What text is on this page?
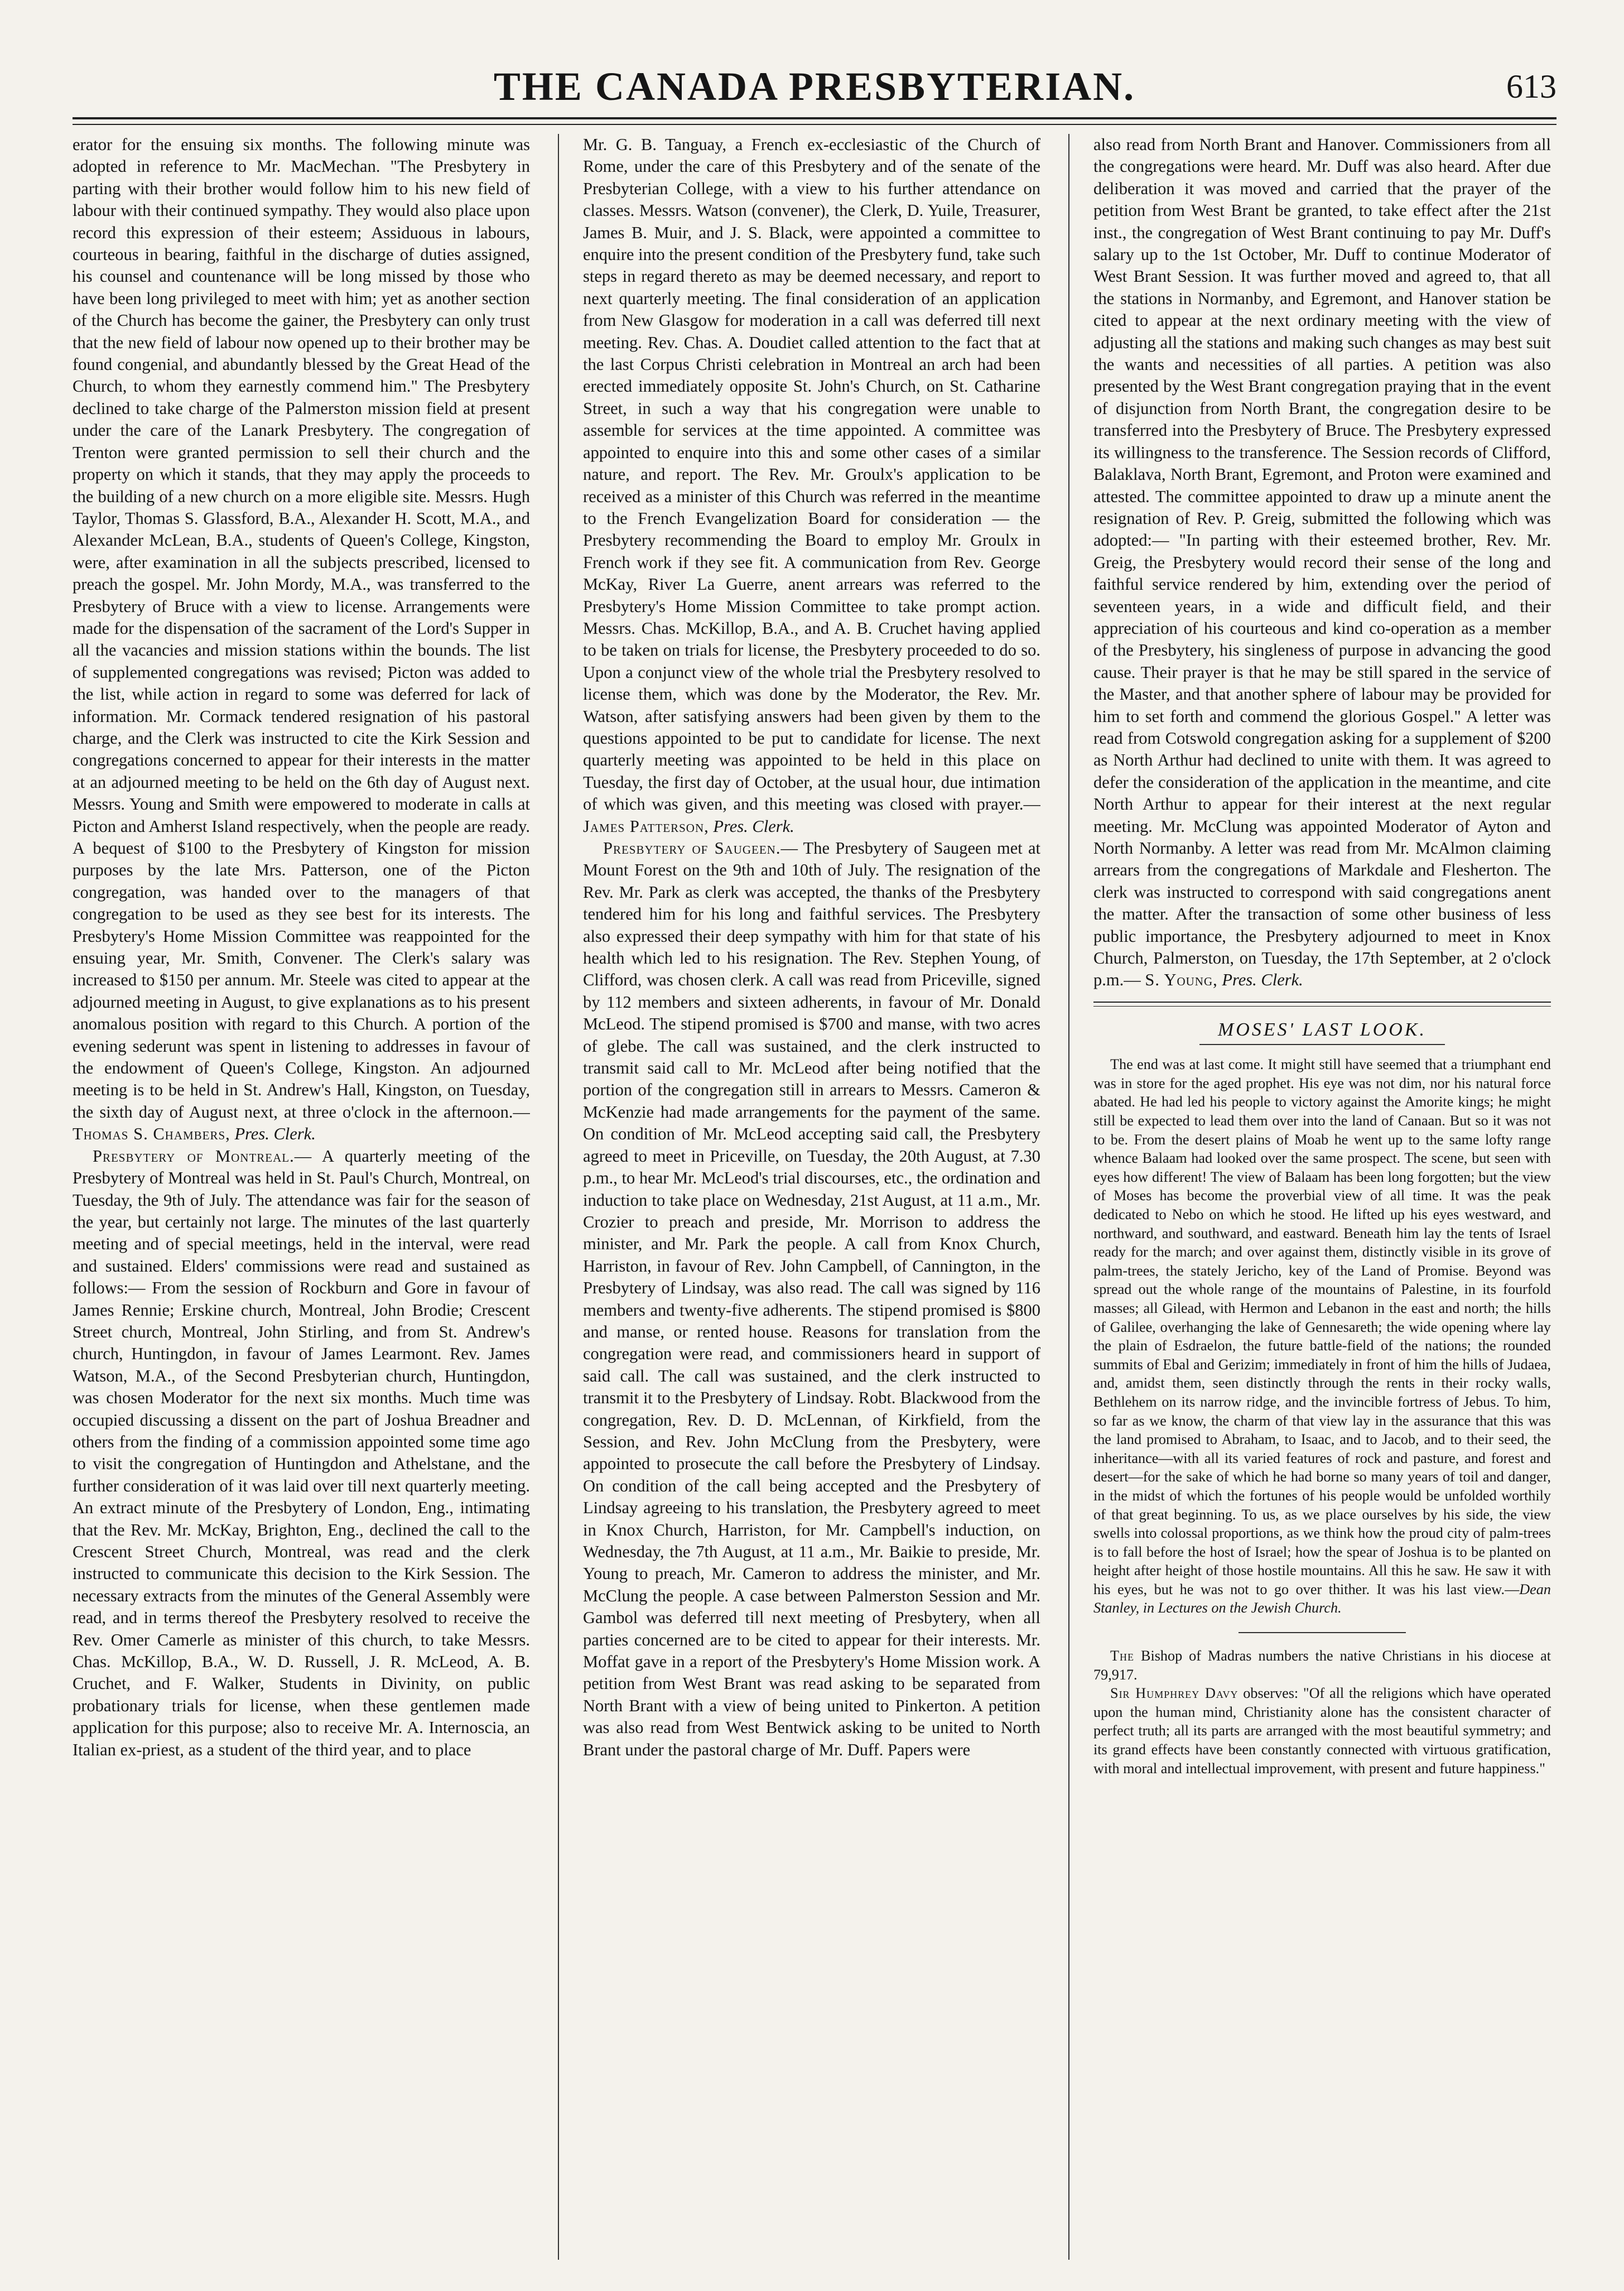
THE CANADA PRESBYTERIAN.	613

erator for the ensuing six months. The following minute was adopted in reference to Mr. MacMechan. "The Presbytery in parting with their brother would follow him to his new field of labour with their continued sympathy. They would also place upon record this expression of their esteem; Assiduous in labours, courteous in bearing, faithful in the discharge of duties assigned, his counsel and countenance will be long missed by those who have been long privileged to meet with him; yet as another section of the Church has become the gainer, the Presbytery can only trust that the new field of labour now opened up to their brother may be found congenial, and abundantly blessed by the Great Head of the Church, to whom they earnestly commend him." The Presbytery declined to take charge of the Palmerston mission field at present under the care of the Lanark Presbytery. The congregation of Trenton were granted permission to sell their church and the property on which it stands, that they may apply the proceeds to the building of a new church on a more eligible site. Messrs. Hugh Taylor, Thomas S. Glassford, B.A., Alexander H. Scott, M.A., and Alexander McLean, B.A., students of Queen's College, Kingston, were, after examination in all the subjects prescribed, licensed to preach the gospel. Mr. John Mordy, M.A., was transferred to the Presbytery of Bruce with a view to license. Arrangements were made for the dispensation of the sacrament of the Lord's Supper in all the vacancies and mission stations within the bounds. The list of supplemented congregations was revised; Picton was added to the list, while action in regard to some was deferred for lack of information. Mr. Cormack tendered resignation of his pastoral charge, and the Clerk was instructed to cite the Kirk Session and congregations concerned to appear for their interests in the matter at an adjourned meeting to be held on the 6th day of August next. Messrs. Young and Smith were empowered to moderate in calls at Picton and Amherst Island respectively, when the people are ready. A bequest of $100 to the Presbytery of Kingston for mission purposes by the late Mrs. Patterson, one of the Picton congregation, was handed over to the managers of that congregation to be used as they see best for its interests. The Presbytery's Home Mission Committee was reappointed for the ensuing year, Mr. Smith, Convener. The Clerk's salary was increased to $150 per annum. Mr. Steele was cited to appear at the adjourned meeting in August, to give explanations as to his present anomalous position with regard to this Church. A portion of the evening sederunt was spent in listening to addresses in favour of the endowment of Queen's College, Kingston. An adjourned meeting is to be held in St. Andrew's Hall, Kingston, on Tuesday, the sixth day of August next, at three o'clock in the afternoon.— Thomas S. Chambers, Pres. Clerk.

Presbytery of Montreal.— A quarterly meeting of the Presbytery of Montreal was held in St. Paul's Church, Montreal, on Tuesday, the 9th of July. The attendance was fair for the season of the year, but certainly not large. The minutes of the last quarterly meeting and of special meetings, held in the interval, were read and sustained. Elders' commissions were read and sustained as follows:— From the session of Rockburn and Gore in favour of James Rennie; Erskine church, Montreal, John Brodie; Crescent Street church, Montreal, John Stirling, and from St. Andrew's church, Huntingdon, in favour of James Learmont. Rev. James Watson, M.A., of the Second Presbyterian church, Huntingdon, was chosen Moderator for the next six months. Much time was occupied discussing a dissent on the part of Joshua Breadner and others from the finding of a commission appointed some time ago to visit the congregation of Huntingdon and Athelstane, and the further consideration of it was laid over till next quarterly meeting. An extract minute of the Presbytery of London, Eng., intimating that the Rev. Mr. McKay, Brighton, Eng., declined the call to the Crescent Street Church, Montreal, was read and the clerk instructed to communicate this decision to the Kirk Session. The necessary extracts from the minutes of the General Assembly were read, and in terms thereof the Presbytery resolved to receive the Rev. Omer Camerle as minister of this church, to take Messrs. Chas. McKillop, B.A., W. D. Russell, J. R. McLeod, A. B. Cruchet, and F. Walker, Students in Divinity, on public probationary trials for license, when these gentlemen made application for this purpose; also to receive Mr. A. Internoscia, an Italian ex-priest, as a student of the third year, and to place

Mr. G. B. Tanguay, a French ex-ecclesiastic of the Church of Rome, under the care of this Presbytery and of the senate of the Presbyterian College, with a view to his further attendance on classes. Messrs. Watson (convener), the Clerk, D. Yuile, Treasurer, James B. Muir, and J. S. Black, were appointed a committee to enquire into the present condition of the Presbytery fund, take such steps in regard thereto as may be deemed necessary, and report to next quarterly meeting. The final consideration of an application from New Glasgow for moderation in a call was deferred till next meeting. Rev. Chas. A. Doudiet called attention to the fact that at the last Corpus Christi celebration in Montreal an arch had been erected immediately opposite St. John's Church, on St. Catharine Street, in such a way that his congregation were unable to assemble for services at the time appointed. A committee was appointed to enquire into this and some other cases of a similar nature, and report. The Rev. Mr. Groulx's application to be received as a minister of this Church was referred in the meantime to the French Evangelization Board for consideration — the Presbytery recommending the Board to employ Mr. Groulx in French work if they see fit. A communication from Rev. George McKay, River La Guerre, anent arrears was referred to the Presbytery's Home Mission Committee to take prompt action. Messrs. Chas. McKillop, B.A., and A. B. Cruchet having applied to be taken on trials for license, the Presbytery proceeded to do so. Upon a conjunct view of the whole trial the Presbytery resolved to license them, which was done by the Moderator, the Rev. Mr. Watson, after satisfying answers had been given by them to the questions appointed to be put to candidate for license. The next quarterly meeting was appointed to be held in this place on Tuesday, the first day of October, at the usual hour, due intimation of which was given, and this meeting was closed with prayer.— James Patterson, Pres. Clerk.

Presbytery of Saugeen.— The Presbytery of Saugeen met at Mount Forest on the 9th and 10th of July. The resignation of the Rev. Mr. Park as clerk was accepted, the thanks of the Presbytery tendered him for his long and faithful services. The Presbytery also expressed their deep sympathy with him for that state of his health which led to his resignation. The Rev. Stephen Young, of Clifford, was chosen clerk. A call was read from Priceville, signed by 112 members and sixteen adherents, in favour of Mr. Donald McLeod. The stipend promised is $700 and manse, with two acres of glebe. The call was sustained, and the clerk instructed to transmit said call to Mr. McLeod after being notified that the portion of the congregation still in arrears to Messrs. Cameron & McKenzie had made arrangements for the payment of the same. On condition of Mr. McLeod accepting said call, the Presbytery agreed to meet in Priceville, on Tuesday, the 20th August, at 7.30 p.m., to hear Mr. McLeod's trial discourses, etc., the ordination and induction to take place on Wednesday, 21st August, at 11 a.m., Mr. Crozier to preach and preside, Mr. Morrison to address the minister, and Mr. Park the people. A call from Knox Church, Harriston, in favour of Rev. John Campbell, of Cannington, in the Presbytery of Lindsay, was also read. The call was signed by 116 members and twenty-five adherents. The stipend promised is $800 and manse, or rented house. Reasons for translation from the congregation were read, and commissioners heard in support of said call. The call was sustained, and the clerk instructed to transmit it to the Presbytery of Lindsay. Robt. Blackwood from the congregation, Rev. D. D. McLennan, of Kirkfield, from the Session, and Rev. John McClung from the Presbytery, were appointed to prosecute the call before the Presbytery of Lindsay. On condition of the call being accepted and the Presbytery of Lindsay agreeing to his translation, the Presbytery agreed to meet in Knox Church, Harriston, for Mr. Campbell's induction, on Wednesday, the 7th August, at 11 a.m., Mr. Baikie to preside, Mr. Young to preach, Mr. Cameron to address the minister, and Mr. McClung the people. A case between Palmerston Session and Mr. Gambol was deferred till next meeting of Presbytery, when all parties concerned are to be cited to appear for their interests. Mr. Moffat gave in a report of the Presbytery's Home Mission work. A petition from West Brant was read asking to be separated from North Brant with a view of being united to Pinkerton. A petition was also read from West Bentwick asking to be united to North Brant under the pastoral charge of Mr. Duff. Papers were

also read from North Brant and Hanover. Commissioners from all the congregations were heard. Mr. Duff was also heard. After due deliberation it was moved and carried that the prayer of the petition from West Brant be granted, to take effect after the 21st inst., the congregation of West Brant continuing to pay Mr. Duff's salary up to the 1st October, Mr. Duff to continue Moderator of West Brant Session. It was further moved and agreed to, that all the stations in Normanby, and Egremont, and Hanover station be cited to appear at the next ordinary meeting with the view of adjusting all the stations and making such changes as may best suit the wants and necessities of all parties. A petition was also presented by the West Brant congregation praying that in the event of disjunction from North Brant, the congregation desire to be transferred into the Presbytery of Bruce. The Presbytery expressed its willingness to the transference. The Session records of Clifford, Balaklava, North Brant, Egremont, and Proton were examined and attested. The committee appointed to draw up a minute anent the resignation of Rev. P. Greig, submitted the following which was adopted:— "In parting with their esteemed brother, Rev. Mr. Greig, the Presbytery would record their sense of the long and faithful service rendered by him, extending over the period of seventeen years, in a wide and difficult field, and their appreciation of his courteous and kind co-operation as a member of the Presbytery, his singleness of purpose in advancing the good cause. Their prayer is that he may be still spared in the service of the Master, and that another sphere of labour may be provided for him to set forth and commend the glorious Gospel." A letter was read from Cotswold congregation asking for a supplement of $200 as North Arthur had declined to unite with them. It was agreed to defer the consideration of the application in the meantime, and cite North Arthur to appear for their interest at the next regular meeting. Mr. McClung was appointed Moderator of Ayton and North Normanby. A letter was read from Mr. McAlmon claiming arrears from the congregations of Markdale and Flesherton. The clerk was instructed to correspond with said congregations anent the matter. After the transaction of some other business of less public importance, the Presbytery adjourned to meet in Knox Church, Palmerston, on Tuesday, the 17th September, at 2 o'clock p.m.— S. Young, Pres. Clerk.

MOSES' LAST LOOK.

The end was at last come. It might still have seemed that a triumphant end was in store for the aged prophet. His eye was not dim, nor his natural force abated. He had led his people to victory against the Amorite kings; he might still be expected to lead them over into the land of Canaan. But so it was not to be. From the desert plains of Moab he went up to the same lofty range whence Balaam had looked over the same prospect. The scene, but seen with eyes how different! The view of Balaam has been long forgotten; but the view of Moses has become the proverbial view of all time. It was the peak dedicated to Nebo on which he stood. He lifted up his eyes westward, and northward, and southward, and eastward. Beneath him lay the tents of Israel ready for the march; and over against them, distinctly visible in its grove of palm-trees, the stately Jericho, key of the Land of Promise. Beyond was spread out the whole range of the mountains of Palestine, in its fourfold masses; all Gilead, with Hermon and Lebanon in the east and north; the hills of Galilee, overhanging the lake of Gennesareth; the wide opening where lay the plain of Esdraelon, the future battle-field of the nations; the rounded summits of Ebal and Gerizim; immediately in front of him the hills of Judaea, and, amidst them, seen distinctly through the rents in their rocky walls, Bethlehem on its narrow ridge, and the invincible fortress of Jebus. To him, so far as we know, the charm of that view lay in the assurance that this was the land promised to Abraham, to Isaac, and to Jacob, and to their seed, the inheritance—with all its varied features of rock and pasture, and forest and desert—for the sake of which he had borne so many years of toil and danger, in the midst of which the fortunes of his people would be unfolded worthily of that great beginning. To us, as we place ourselves by his side, the view swells into colossal proportions, as we think how the proud city of palm-trees is to fall before the host of Israel; how the spear of Joshua is to be planted on height after height of those hostile mountains. All this he saw. He saw it with his eyes, but he was not to go over thither. It was his last view.—Dean Stanley, in Lectures on the Jewish Church.

The Bishop of Madras numbers the native Christians in his diocese at 79,917.

Sir Humphrey Davy observes: "Of all the religions which have operated upon the human mind, Christianity alone has the consistent character of perfect truth; all its parts are arranged with the most beautiful symmetry; and its grand effects have been constantly connected with virtuous gratification, with moral and intellectual improvement, with present and future happiness."
